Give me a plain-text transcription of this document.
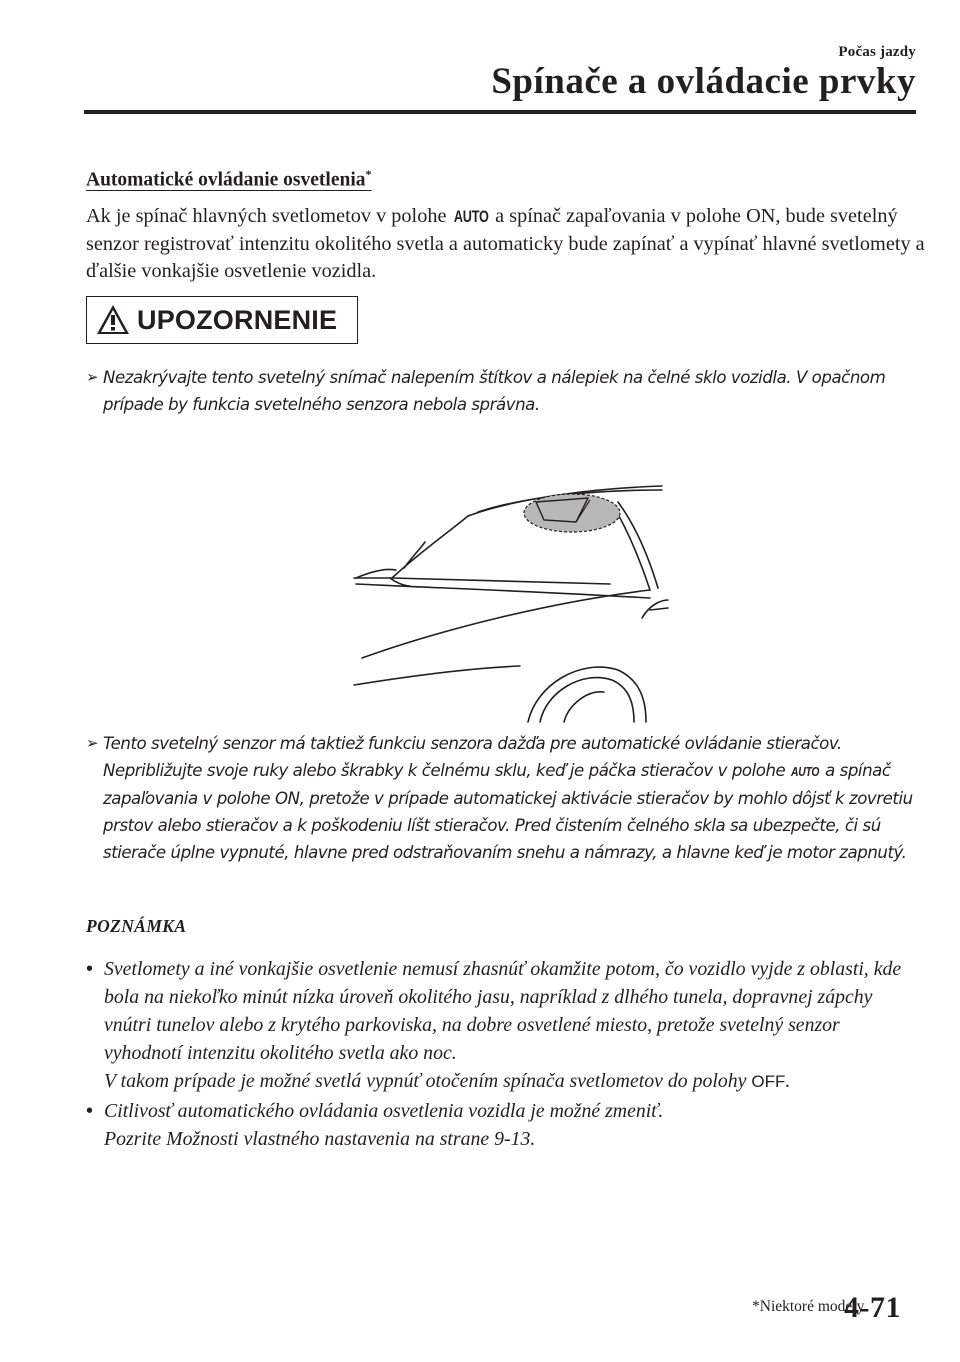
Počas jazdy
Spínače a ovládacie prvky
Automatické ovládanie osvetlenia*

Ak je spínač hlavných svetlometov v polohe AUTO a spínač zapaľovania v polohe ON, bude svetelný senzor registrovať intenzitu okolitého svetla a automaticky bude zapínať a vypínať hlavné svetlomety a ďalšie vonkajšie osvetlenie vozidla.

UPOZORNENIE
➢ Nezakrývajte tento svetelný snímač nalepením štítkov a nálepiek na čelné sklo vozidla. V opačnom prípade by funkcia svetelného senzora nebola správna.
➢ Tento svetelný senzor má taktiež funkciu senzora dažďa pre automatické ovládanie stieračov. Nepribližujte svoje ruky alebo škrabky k čelnému sklu, keď je páčka stieračov v polohe AUTO a spínač zapaľovania v polohe ON, pretože v prípade automatickej aktivácie stieračov by mohlo dôjsť k zovretiu prstov alebo stieračov a k poškodeniu líšt stieračov. Pred čistením čelného skla sa ubezpečte, či sú stierače úplne vypnuté, hlavne pred odstraňovaním snehu a námrazy, a hlavne keď je motor zapnutý.
POZNÁMKA
• Svetlomety a iné vonkajšie osvetlenie nemusí zhasnúť okamžite potom, čo vozidlo vyjde z oblasti, kde bola na niekoľko minút nízka úroveň okolitého jasu, napríklad z dlhého tunela, dopravnej zápchy vnútri tunelov alebo z krytého parkoviska, na dobre osvetlené miesto, pretože svetelný senzor vyhodnotí intenzitu okolitého svetla ako noc.
V takom prípade je možné svetlá vypnúť otočením spínača svetlometov do polohy OFF.
• Citlivosť automatického ovládania osvetlenia vozidla je možné zmeniť.
Pozrite Možnosti vlastného nastavenia na strane 9-13.
*Niektoré modely.
4-71
